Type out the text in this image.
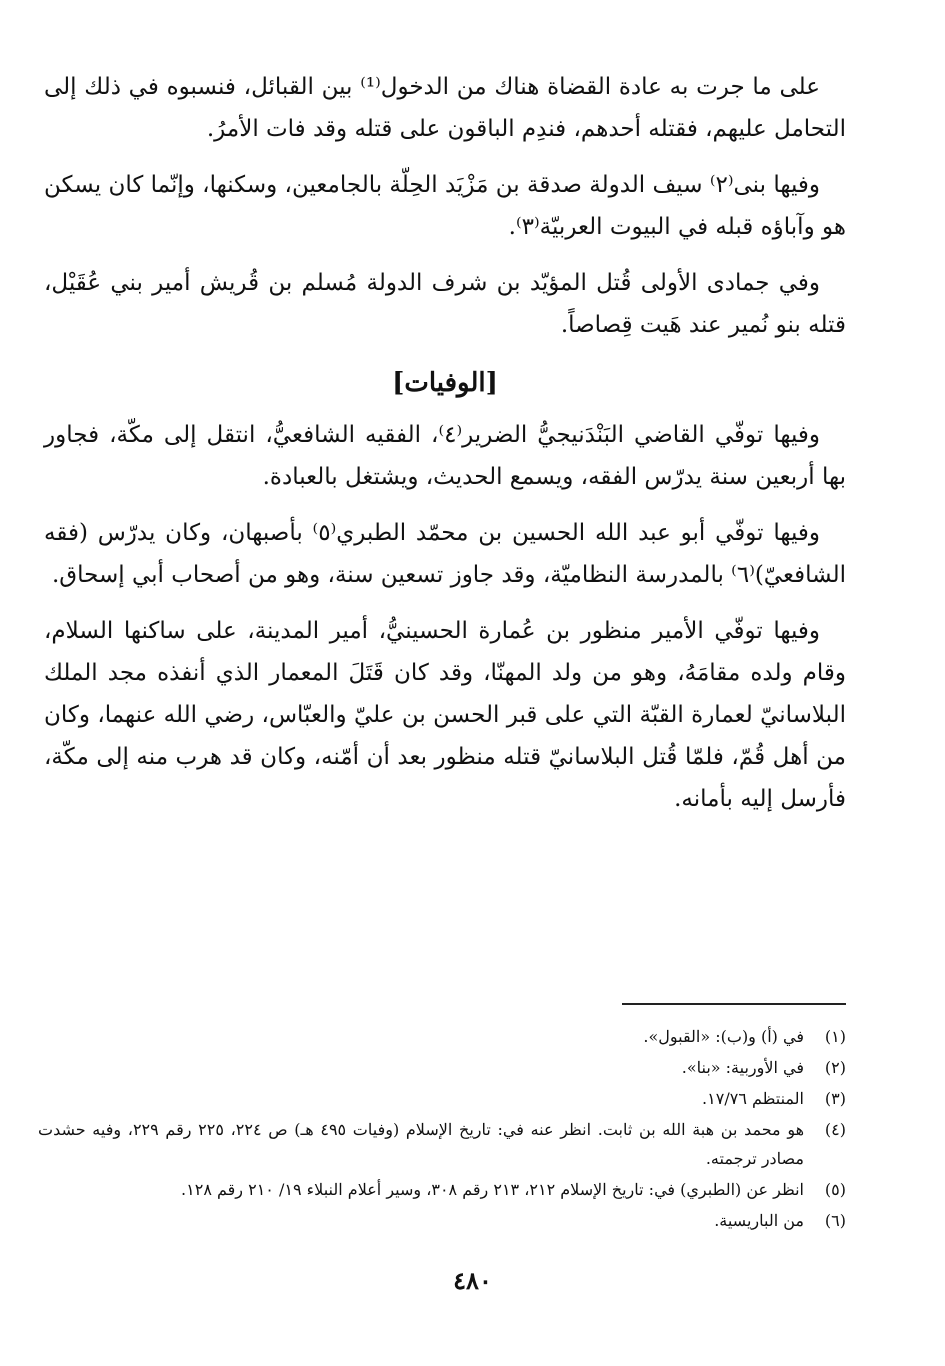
على ما جرت به عادة القضاة هناك من الدخول⁽¹⁾ بين القبائل، فنسبوه في ذلك إلى التحامل عليهم، فقتله أحدهم، فندِم الباقون على قتله وقد فات الأمرُ.

وفيها بنى⁽٢⁾ سيف الدولة صدقة بن مَزْيَد الحِلّة بالجامعين، وسكنها، وإنّما كان يسكن هو وآباؤه قبله في البيوت العربيّة⁽٣⁾.

وفي جمادى الأولى قُتل المؤيّد بن شرف الدولة مُسلم بن قُريش أمير بني عُقَيْل، قتله بنو نُمير عند هَيت قِصاصاً.

[الوفيات]

وفيها توفّي القاضي البَنْدَنيجيُّ الضرير⁽٤⁾، الفقيه الشافعيُّ، انتقل إلى مكّة، فجاور بها أربعين سنة يدرّس الفقه، ويسمع الحديث، ويشتغل بالعبادة.

وفيها توفّي أبو عبد الله الحسين بن محمّد الطبري⁽٥⁾ بأصبهان، وكان يدرّس (فقه الشافعيّ)⁽٦⁾ بالمدرسة النظاميّة، وقد جاوز تسعين سنة، وهو من أصحاب أبي إسحاق.

وفيها توفّي الأمير منظور بن عُمارة الحسينيُّ، أمير المدينة، على ساكنها السلام، وقام ولده مقامَهُ، وهو من ولد المهنّا، وقد كان قَتَلَ المعمار الذي أنفذه مجد الملك البلاسانيّ لعمارة القبّة التي على قبر الحسن بن عليّ والعبّاس، رضي الله عنهما، وكان من أهل قُمّ، فلمّا قُتل البلاسانيّ قتله منظور بعد أن أمّنه، وكان قد هرب منه إلى مكّة، فأرسل إليه بأمانه.

(١)
في (أ) و(ب): «القبول».
(٢)
في الأوربية: «بنا».
(٣)
المنتظم ١٧/٧٦.
(٤)
هو محمد بن هبة الله بن ثابت. انظر عنه في: تاريخ الإسلام (وفيات ٤٩٥ هـ) ص ٢٢٤، ٢٢٥ رقم ٢٢٩، وفيه حشدت مصادر ترجمته.
(٥)
انظر عن (الطبري) في: تاريخ الإسلام ٢١٢، ٢١٣ رقم ٣٠٨، وسير أعلام النبلاء ١٩/ ٢١٠ رقم ١٢٨.
(٦)
من الباريسية.
٤٨٠
